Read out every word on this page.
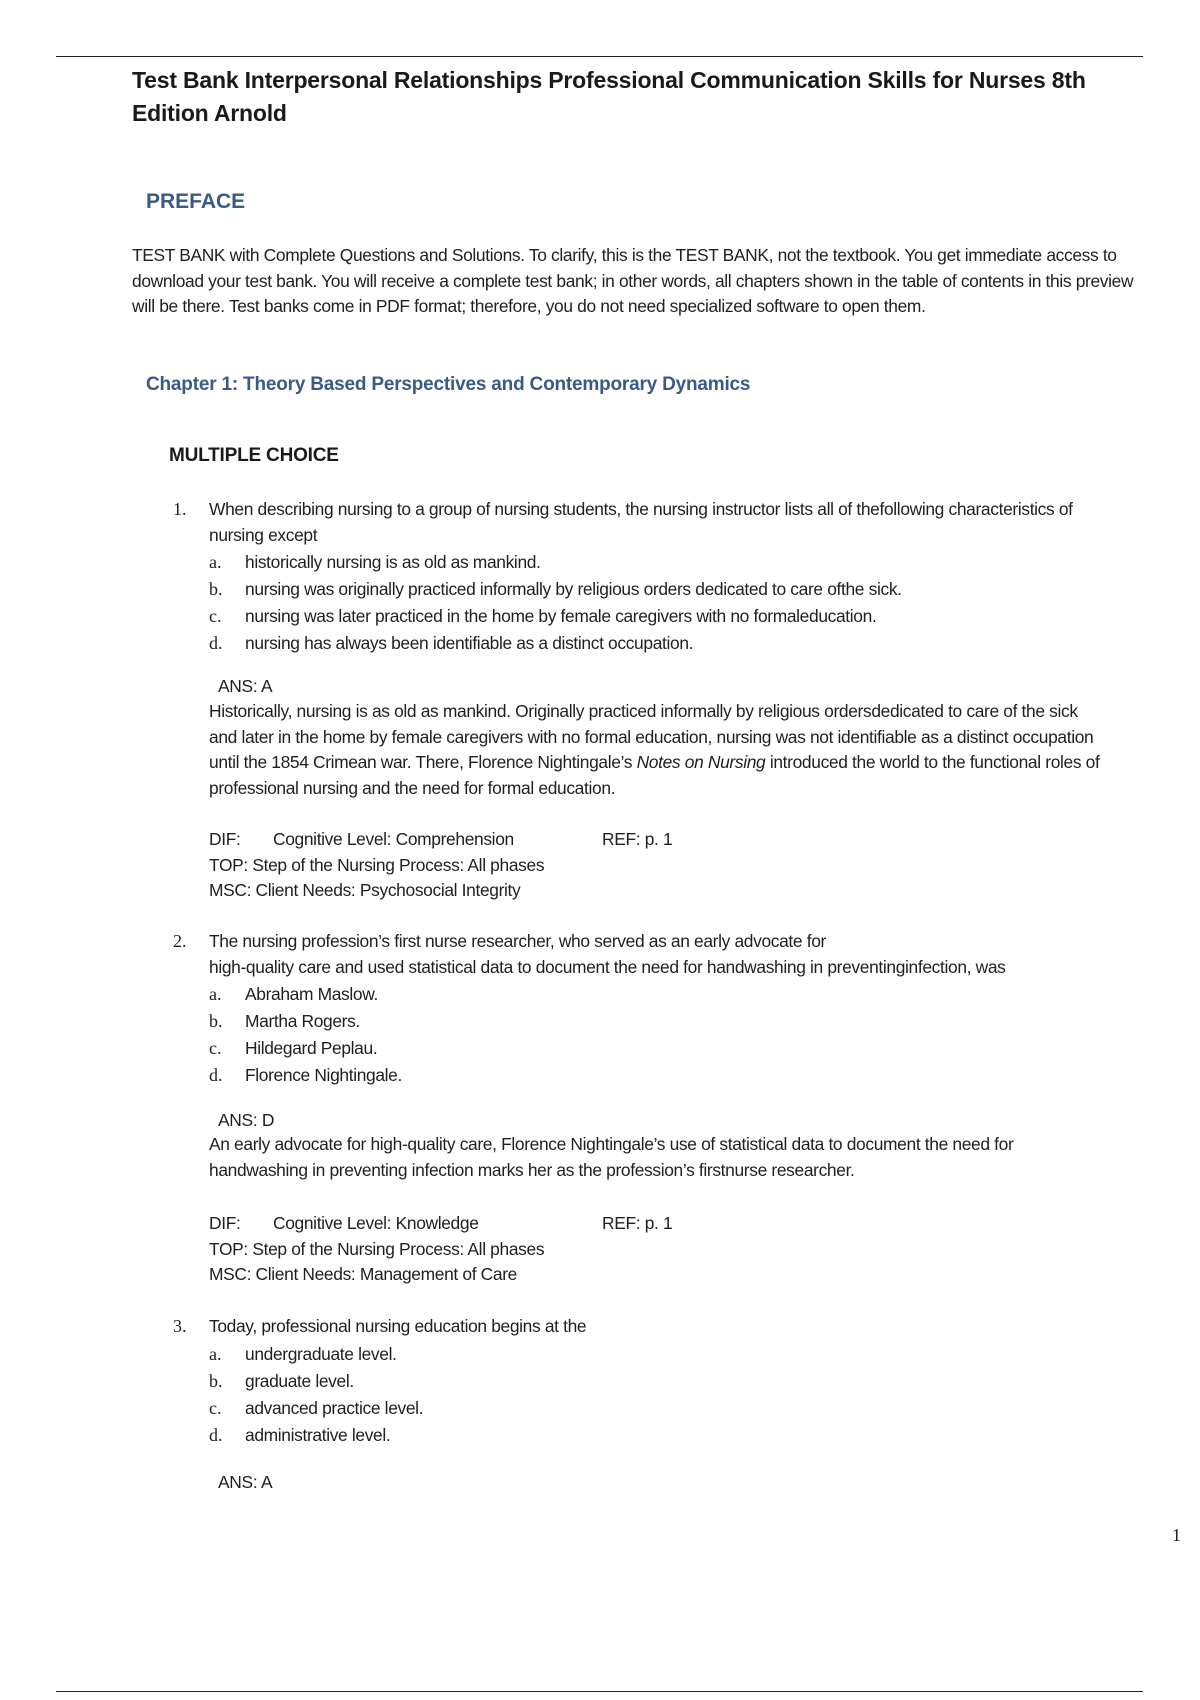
Test Bank Interpersonal Relationships Professional Communication Skills for Nurses 8th Edition Arnold
PREFACE

TEST BANK with Complete Questions and Solutions. To clarify, this is the TEST BANK, not the textbook. You get immediate access to download your test bank. You will receive a complete test bank; in other words, all chapters shown in the table of contents in this preview will be there. Test banks come in PDF format; therefore, you do not need specialized software to open them.

Chapter 1: Theory Based Perspectives and Contemporary Dynamics
MULTIPLE CHOICE
1. When describing nursing to a group of nursing students, the nursing instructor lists all of thefollowing characteristics of nursing except
a.	historically nursing is as old as mankind.
b.	nursing was originally practiced informally by religious orders dedicated to care ofthe sick.
c.	nursing was later practiced in the home by female caregivers with no formaleducation.
d.	nursing has always been identifiable as a distinct occupation.
ANS: A
Historically, nursing is as old as mankind. Originally practiced informally by religious ordersdedicated to care of the sick and later in the home by female caregivers with no formal education, nursing was not identifiable as a distinct occupation until the 1854 Crimean war. There, Florence Nightingale’s Notes on Nursing introduced the world to the functional roles of professional nursing and the need for formal education.
DIF: Cognitive Level: Comprehension	REF: p. 1
TOP: Step of the Nursing Process: All phases
MSC: Client Needs: Psychosocial Integrity
2. The nursing profession’s first nurse researcher, who served as an early advocate for
high-quality care and used statistical data to document the need for handwashing in preventinginfection, was
a.	Abraham Maslow.
b.	Martha Rogers.
c.	Hildegard Peplau.
d.	Florence Nightingale.
ANS: D
An early advocate for high-quality care, Florence Nightingale’s use of statistical data to document the need for handwashing in preventing infection marks her as the profession’s firstnurse researcher.
DIF: Cognitive Level: Knowledge	REF: p. 1
TOP: Step of the Nursing Process: All phases
MSC: Client Needs: Management of Care
3. Today, professional nursing education begins at the
a.	undergraduate level.
b.	graduate level.
c.	advanced practice level.
d.	administrative level.
ANS: A
1
